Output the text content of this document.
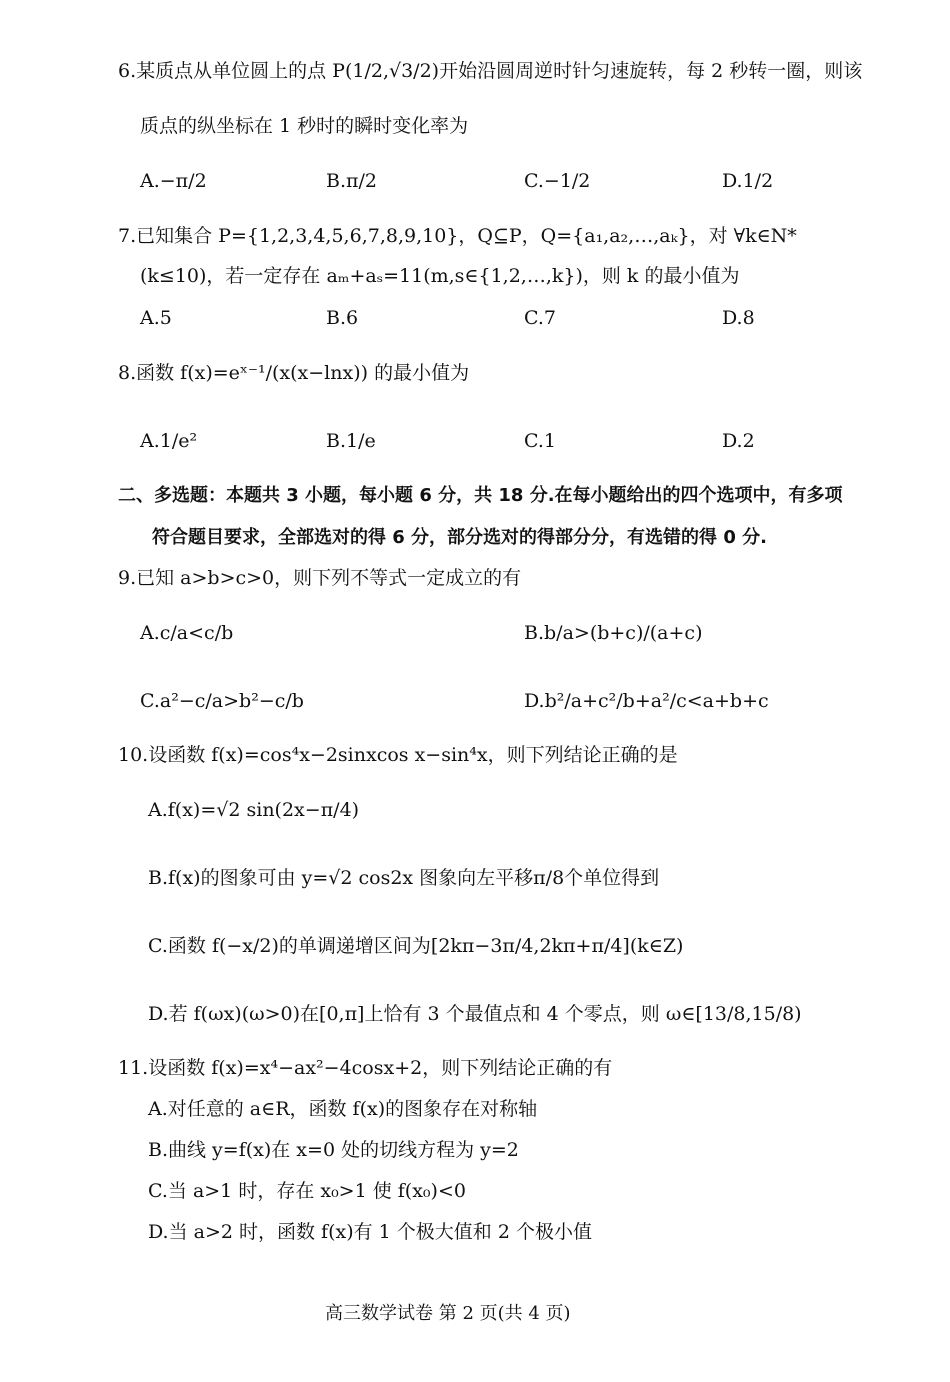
6.某质点从单位圆上的点 P(1/2,√3/2)开始沿圆周逆时针匀速旋转，每 2 秒转一圈，则该
质点的纵坐标在 1 秒时的瞬时变化率为
A.−π/2	B.π/2	C.−1/2	D.1/2
7.已知集合 P={1,2,3,4,5,6,7,8,9,10}，Q⊆P，Q={a₁,a₂,…,aₖ}，对 ∀k∈N*
(k≤10)，若一定存在 aₘ+aₛ=11(m,s∈{1,2,…,k})，则 k 的最小值为
A.5	B.6	C.7	D.8
8.函数 f(x)=eˣ⁻¹/(x(x−lnx)) 的最小值为
A.1/e²	B.1/e	C.1	D.2
二、多选题：本题共 3 小题，每小题 6 分，共 18 分.在每小题给出的四个选项中，有多项
符合题目要求，全部选对的得 6 分，部分选对的得部分分，有选错的得 0 分.
9.已知 a>b>c>0，则下列不等式一定成立的有
A.c/a<c/b	B.b/a>(b+c)/(a+c)
C.a²−c/a>b²−c/b	D.b²/a+c²/b+a²/c<a+b+c
10.设函数 f(x)=cos⁴x−2sinxcos x−sin⁴x，则下列结论正确的是
A.f(x)=√2 sin(2x−π/4)
B.f(x)的图象可由 y=√2 cos2x 图象向左平移π/8个单位得到
C.函数 f(−x/2)的单调递增区间为[2kπ−3π/4,2kπ+π/4](k∈Z)
D.若 f(ωx)(ω>0)在[0,π]上恰有 3 个最值点和 4 个零点，则 ω∈[13/8,15/8)
11.设函数 f(x)=x⁴−ax²−4cosx+2，则下列结论正确的有
A.对任意的 a∈R，函数 f(x)的图象存在对称轴
B.曲线 y=f(x)在 x=0 处的切线方程为 y=2
C.当 a>1 时，存在 x₀>1 使 f(x₀)<0
D.当 a>2 时，函数 f(x)有 1 个极大值和 2 个极小值
高三数学试卷 第 2 页(共 4 页)
